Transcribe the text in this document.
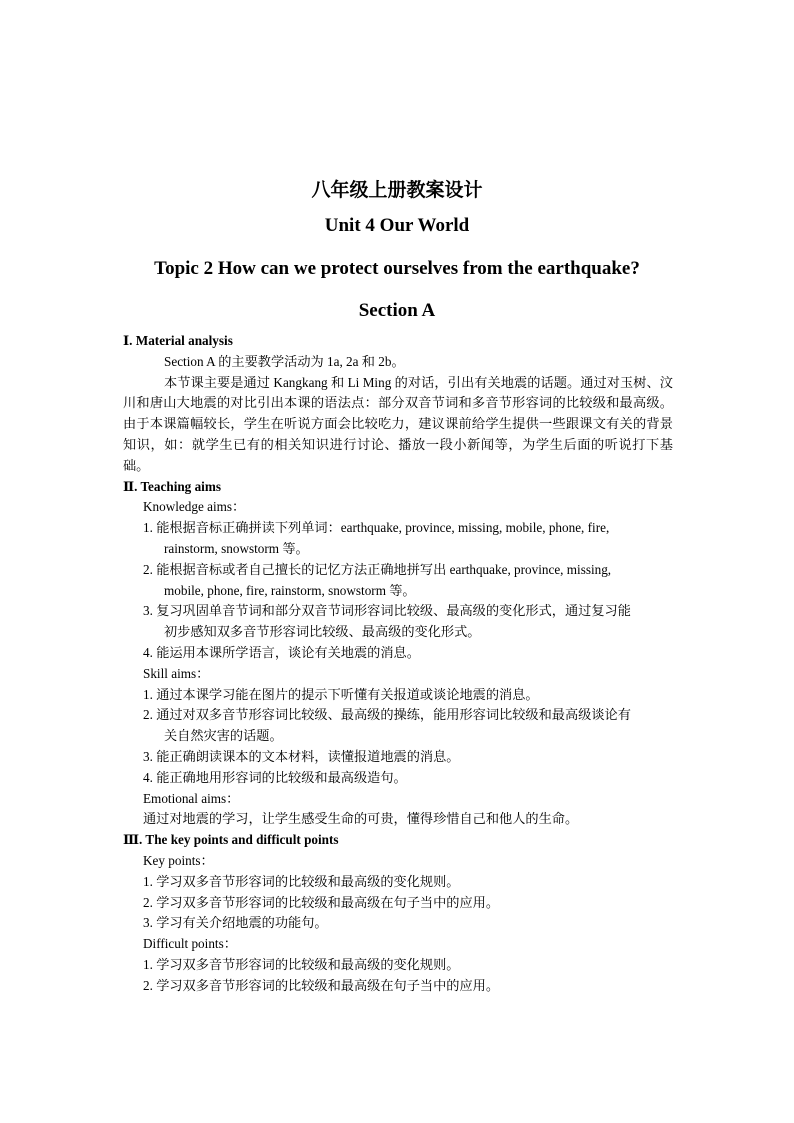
八年级上册教案设计
Unit 4 Our World
Topic 2 How can we protect ourselves from the earthquake?
Section A
Ⅰ. Material analysis
Section A 的主要教学活动为 1a, 2a 和 2b。
本节课主要是通过 Kangkang 和 Li Ming 的对话，引出有关地震的话题。通过对玉树、汶川和唐山大地震的对比引出本课的语法点：部分双音节词和多音节形容词的比较级和最高级。由于本课篇幅较长，学生在听说方面会比较吃力，建议课前给学生提供一些跟课文有关的背景知识，如：就学生已有的相关知识进行讨论、播放一段小新闻等，为学生后面的听说打下基础。
Ⅱ. Teaching aims
Knowledge aims：
1. 能根据音标正确拼读下列单词：earthquake, province, missing, mobile, phone, fire,
rainstorm, snowstorm 等。
2. 能根据音标或者自己擅长的记忆方法正确地拼写出 earthquake, province, missing,
mobile, phone, fire, rainstorm, snowstorm 等。
3. 复习巩固单音节词和部分双音节词形容词比较级、最高级的变化形式，通过复习能
初步感知双多音节形容词比较级、最高级的变化形式。
4. 能运用本课所学语言，谈论有关地震的消息。
Skill aims：
1. 通过本课学习能在图片的提示下听懂有关报道或谈论地震的消息。
2. 通过对双多音节形容词比较级、最高级的操练，能用形容词比较级和最高级谈论有
关自然灾害的话题。
3. 能正确朗读课本的文本材料，读懂报道地震的消息。
4. 能正确地用形容词的比较级和最高级造句。
Emotional aims：
通过对地震的学习，让学生感受生命的可贵，懂得珍惜自己和他人的生命。
Ⅲ. The key points and difficult points
Key points：
1. 学习双多音节形容词的比较级和最高级的变化规则。
2. 学习双多音节形容词的比较级和最高级在句子当中的应用。
3. 学习有关介绍地震的功能句。
Difficult points：
1. 学习双多音节形容词的比较级和最高级的变化规则。
2. 学习双多音节形容词的比较级和最高级在句子当中的应用。
